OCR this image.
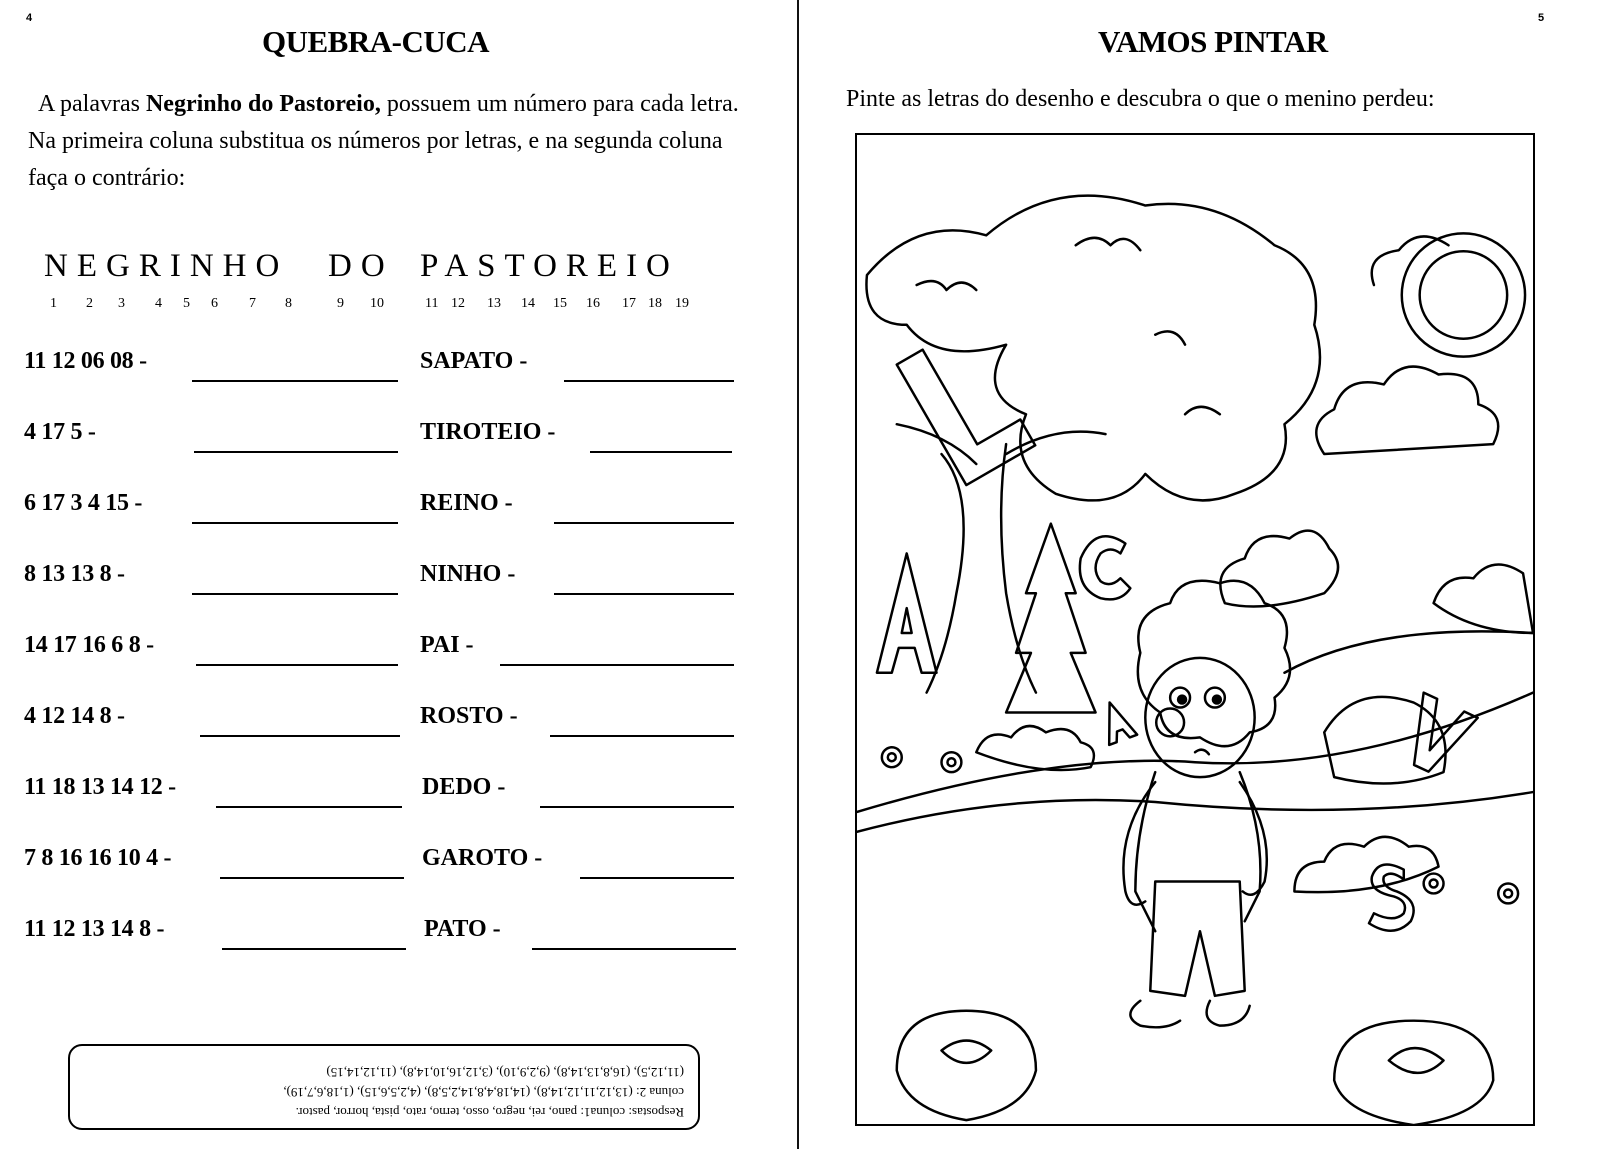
4
QUEBRA-CUCA
A palavras Negrinho do Pastoreio, possuem um número para cada letra. Na primeira coluna substitua os números por letras, e na segunda coluna faça o contrário:
NEGRINHO DO PASTOREIO
1 2 3 4 5 6 7 8	9 10	11 12 13 14 15 16 17 18 19
11 12 06 08 -	SAPATO -
4 17 5 -	TIROTEIO -
6 17 3 4 15 -	REINO -
8 13 13 8 -	NINHO -
14 17 16 6 8 -	PAI -
4 12 14 8 -	ROSTO -
11 18 13 14 12 -	DEDO -
7 8 16 16 10 4 -	GAROTO -
11 12 13 14 8 -	PATO -
Respostas: coluna1: pano, rei, negro, osso, terno, rato, pista, horror, pastor.
coluna 2: (13,12,11,12,14,8), (14,18,4,8,14,2,5,8), (4,2,5,6,15), (1,18,6,7,19),
(11,12,5), (16,8,13,14,8), (9,2,9,10), (3,12,16,10,14,8), (11,12,14,15)
5
VAMOS PINTAR
Pinte as letras do desenho e descubra o que o menino perdeu:
